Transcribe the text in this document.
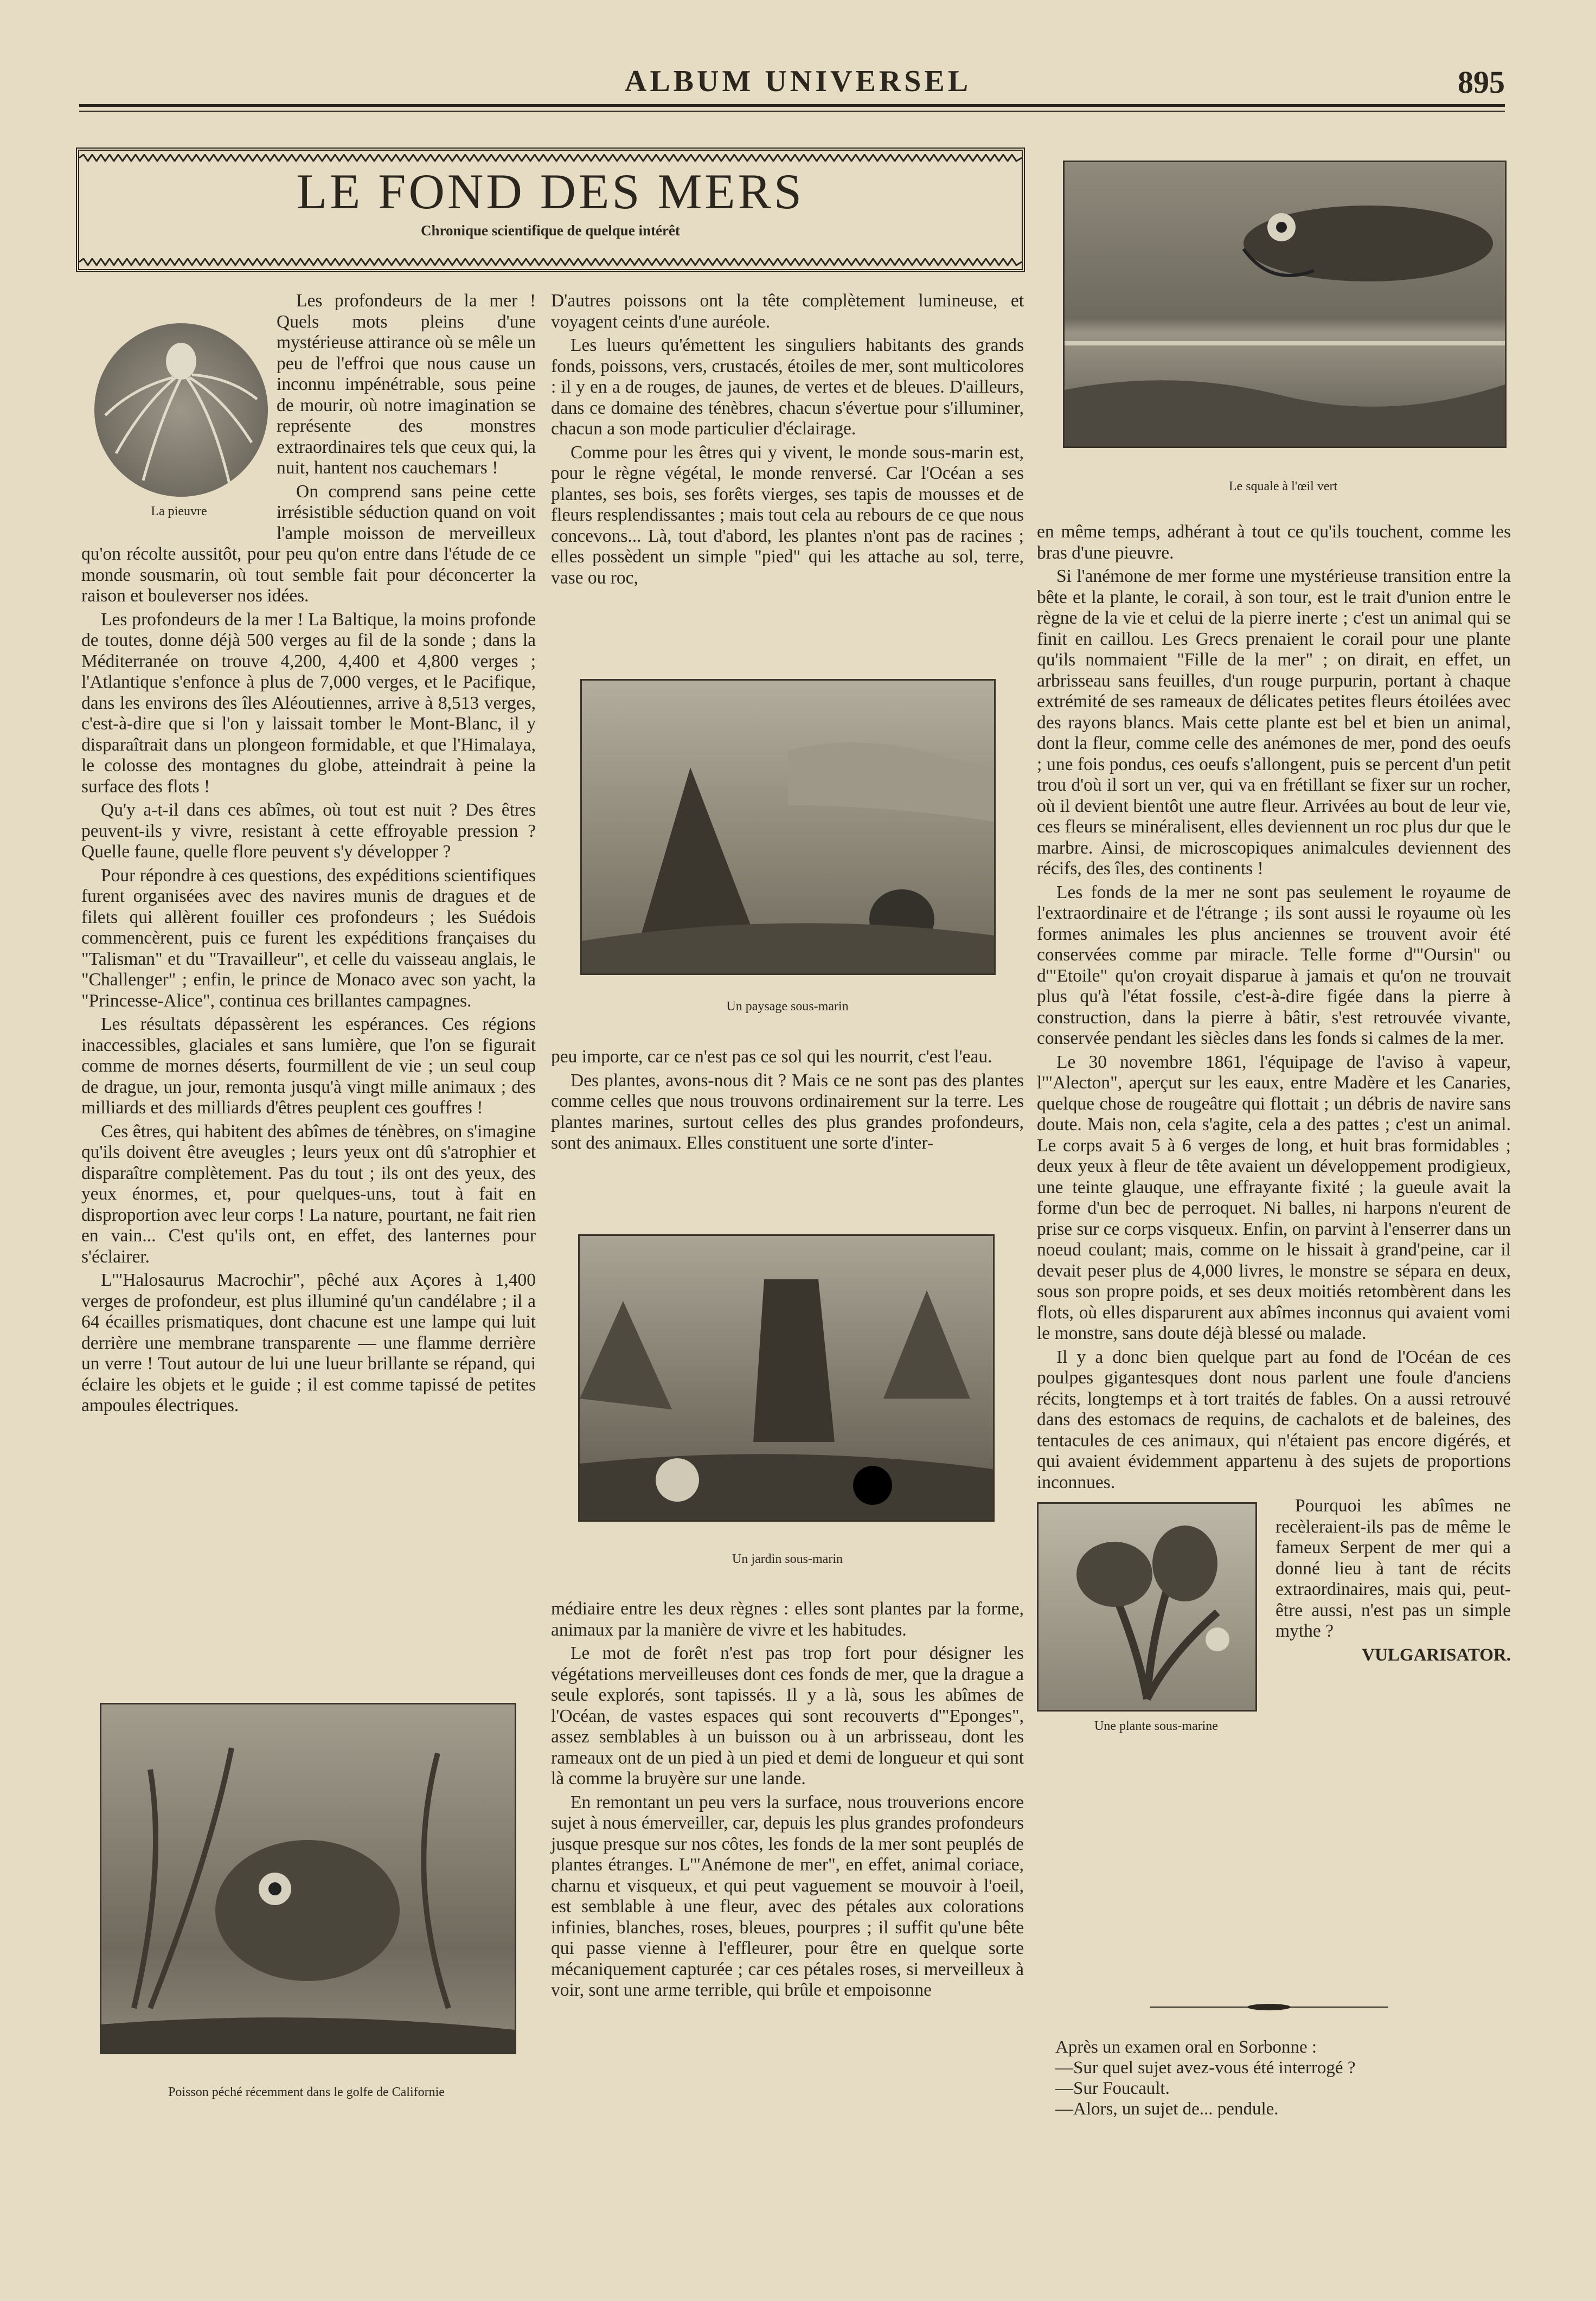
ALBUM UNIVERSEL	895
LE FOND DES MERS
Chronique scientifique de quelque intérêt
Le squale à l'œil vert
La pieuvre

Les profondeurs de la mer ! Quels mots pleins d'une mystérieuse attirance où se mêle un peu de l'effroi que nous cause un inconnu impénétrable, sous peine de mourir, où notre imagination se représente des monstres extraordinaires tels que ceux qui, la nuit, hantent nos cauchemars !

On comprend sans peine cette irrésistible séduction quand on voit l'ample moisson de merveilleux qu'on récolte aussitôt, pour peu qu'on entre dans l'étude de ce monde sousmarin, où tout semble fait pour déconcerter la raison et bouleverser nos idées.

Les profondeurs de la mer ! La Baltique, la moins profonde de toutes, donne déjà 500 verges au fil de la sonde ; dans la Méditerranée on trouve 4,200, 4,400 et 4,800 verges ; l'Atlantique s'enfonce à plus de 7,000 verges, et le Pacifique, dans les environs des îles Aléoutiennes, arrive à 8,513 verges, c'est-à-dire que si l'on y laissait tomber le Mont-Blanc, il y disparaîtrait dans un plongeon formidable, et que l'Himalaya, le colosse des montagnes du globe, atteindrait à peine la surface des flots !

Qu'y a-t-il dans ces abîmes, où tout est nuit ? Des êtres peuvent-ils y vivre, resistant à cette effroyable pression ? Quelle faune, quelle flore peuvent s'y développer ?

Pour répondre à ces questions, des expéditions scientifiques furent organisées avec des navires munis de dragues et de filets qui allèrent fouiller ces profondeurs ; les Suédois commencèrent, puis ce furent les expéditions françaises du "Talisman" et du "Travailleur", et celle du vaisseau anglais, le "Challenger" ; enfin, le prince de Monaco avec son yacht, la "Princesse-Alice", continua ces brillantes campagnes.

Les résultats dépassèrent les espérances. Ces régions inaccessibles, glaciales et sans lumière, que l'on se figurait comme de mornes déserts, fourmillent de vie ; un seul coup de drague, un jour, remonta jusqu'à vingt mille animaux ; des milliards et des milliards d'êtres peuplent ces gouffres !

Ces êtres, qui habitent des abîmes de ténèbres, on s'imagine qu'ils doivent être aveugles ; leurs yeux ont dû s'atrophier et disparaître complètement. Pas du tout ; ils ont des yeux, des yeux énormes, et, pour quelques-uns, tout à fait en disproportion avec leur corps ! La nature, pourtant, ne fait rien en vain... C'est qu'ils ont, en effet, des lanternes pour s'éclairer.

L'"Halosaurus Macrochir", pêché aux Açores à 1,400 verges de profondeur, est plus illuminé qu'un candélabre ; il a 64 écailles prismatiques, dont chacune est une lampe qui luit derrière une membrane transparente — une flamme derrière un verre ! Tout autour de lui une lueur brillante se répand, qui éclaire les objets et le guide ; il est comme tapissé de petites ampoules électriques.

Poisson péché récemment dans le golfe de Californie

D'autres poissons ont la tête complètement lumineuse, et voyagent ceints d'une auréole.

Les lueurs qu'émettent les singuliers habitants des grands fonds, poissons, vers, crustacés, étoiles de mer, sont multicolores : il y en a de rouges, de jaunes, de vertes et de bleues. D'ailleurs, dans ce domaine des ténèbres, chacun s'évertue pour s'illuminer, chacun a son mode particulier d'éclairage.

Comme pour les êtres qui y vivent, le monde sous-marin est, pour le règne végétal, le monde renversé. Car l'Océan a ses plantes, ses bois, ses forêts vierges, ses tapis de mousses et de fleurs resplendissantes ; mais tout cela au rebours de ce que nous concevons... Là, tout d'abord, les plantes n'ont pas de racines ; elles possèdent un simple "pied" qui les attache au sol, terre, vase ou roc,

Un paysage sous-marin

peu importe, car ce n'est pas ce sol qui les nourrit, c'est l'eau.

Des plantes, avons-nous dit ? Mais ce ne sont pas des plantes comme celles que nous trouvons ordinairement sur la terre. Les plantes marines, surtout celles des plus grandes profondeurs, sont des animaux. Elles constituent une sorte d'inter-

Un jardin sous-marin

médiaire entre les deux règnes : elles sont plantes par la forme, animaux par la manière de vivre et les habitudes.

Le mot de forêt n'est pas trop fort pour désigner les végétations merveilleuses dont ces fonds de mer, que la drague a seule explorés, sont tapissés. Il y a là, sous les abîmes de l'Océan, de vastes espaces qui sont recouverts d'"Eponges", assez semblables à un buisson ou à un arbrisseau, dont les rameaux ont de un pied à un pied et demi de longueur et qui sont là comme la bruyère sur une lande.

En remontant un peu vers la surface, nous trouverions encore sujet à nous émerveiller, car, depuis les plus grandes profondeurs jusque presque sur nos côtes, les fonds de la mer sont peuplés de plantes étranges. L'"Anémone de mer", en effet, animal coriace, charnu et visqueux, et qui peut vaguement se mouvoir à l'oeil, est semblable à une fleur, avec des pétales aux colorations infinies, blanches, roses, bleues, pourpres ; il suffit qu'une bête qui passe vienne à l'effleurer, pour être en quelque sorte mécaniquement capturée ; car ces pétales roses, si merveilleux à voir, sont une arme terrible, qui brûle et empoisonne

en même temps, adhérant à tout ce qu'ils touchent, comme les bras d'une pieuvre.

Si l'anémone de mer forme une mystérieuse transition entre la bête et la plante, le corail, à son tour, est le trait d'union entre le règne de la vie et celui de la pierre inerte ; c'est un animal qui se finit en caillou. Les Grecs prenaient le corail pour une plante qu'ils nommaient "Fille de la mer" ; on dirait, en effet, un arbrisseau sans feuilles, d'un rouge purpurin, portant à chaque extrémité de ses rameaux de délicates petites fleurs étoilées avec des rayons blancs. Mais cette plante est bel et bien un animal, dont la fleur, comme celle des anémones de mer, pond des oeufs ; une fois pondus, ces oeufs s'allongent, puis se percent d'un petit trou d'où il sort un ver, qui va en frétillant se fixer sur un rocher, où il devient bientôt une autre fleur. Arrivées au bout de leur vie, ces fleurs se minéralisent, elles deviennent un roc plus dur que le marbre. Ainsi, de microscopiques animalcules deviennent des récifs, des îles, des continents !

Les fonds de la mer ne sont pas seulement le royaume de l'extraordinaire et de l'étrange ; ils sont aussi le royaume où les formes animales les plus anciennes se trouvent avoir été conservées comme par miracle. Telle forme d'"Oursin" ou d'"Etoile" qu'on croyait disparue à jamais et qu'on ne trouvait plus qu'à l'état fossile, c'est-à-dire figée dans la pierre à construction, dans la pierre à bâtir, s'est retrouvée vivante, conservée pendant les siècles dans les fonds si calmes de la mer.

Le 30 novembre 1861, l'équipage de l'aviso à vapeur, l'"Alecton", aperçut sur les eaux, entre Madère et les Canaries, quelque chose de rougeâtre qui flottait ; un débris de navire sans doute. Mais non, cela s'agite, cela a des pattes ; c'est un animal. Le corps avait 5 à 6 verges de long, et huit bras formidables ; deux yeux à fleur de tête avaient un développement prodigieux, une teinte glauque, une effrayante fixité ; la gueule avait la forme d'un bec de perroquet. Ni balles, ni harpons n'eurent de prise sur ce corps visqueux. Enfin, on parvint à l'enserrer dans un noeud coulant; mais, comme on le hissait à grand'peine, car il devait peser plus de 4,000 livres, le monstre se sépara en deux, sous son propre poids, et ses deux moitiés retombèrent dans les flots, où elles disparurent aux abîmes inconnus qui avaient vomi le monstre, sans doute déjà blessé ou malade.

Il y a donc bien quelque part au fond de l'Océan de ces poulpes gigantesques dont nous parlent une foule d'anciens récits, longtemps et à tort traités de fables. On a aussi retrouvé dans des estomacs de requins, de cachalots et de baleines, des tentacules de ces animaux, qui n'étaient pas encore digérés, et qui avaient évidemment appartenu à des sujets de proportions inconnues.

Une plante sous-marine

Pourquoi les abîmes ne recèleraient-ils pas de même le fameux Serpent de mer qui a donné lieu à tant de récits extraordinaires, mais qui, peut-être aussi, n'est pas un simple mythe ?

VULGARISATOR.
Après un examen oral en Sorbonne :
—Sur quel sujet avez-vous été interrogé ?
—Sur Foucault.
—Alors, un sujet de... pendule.
